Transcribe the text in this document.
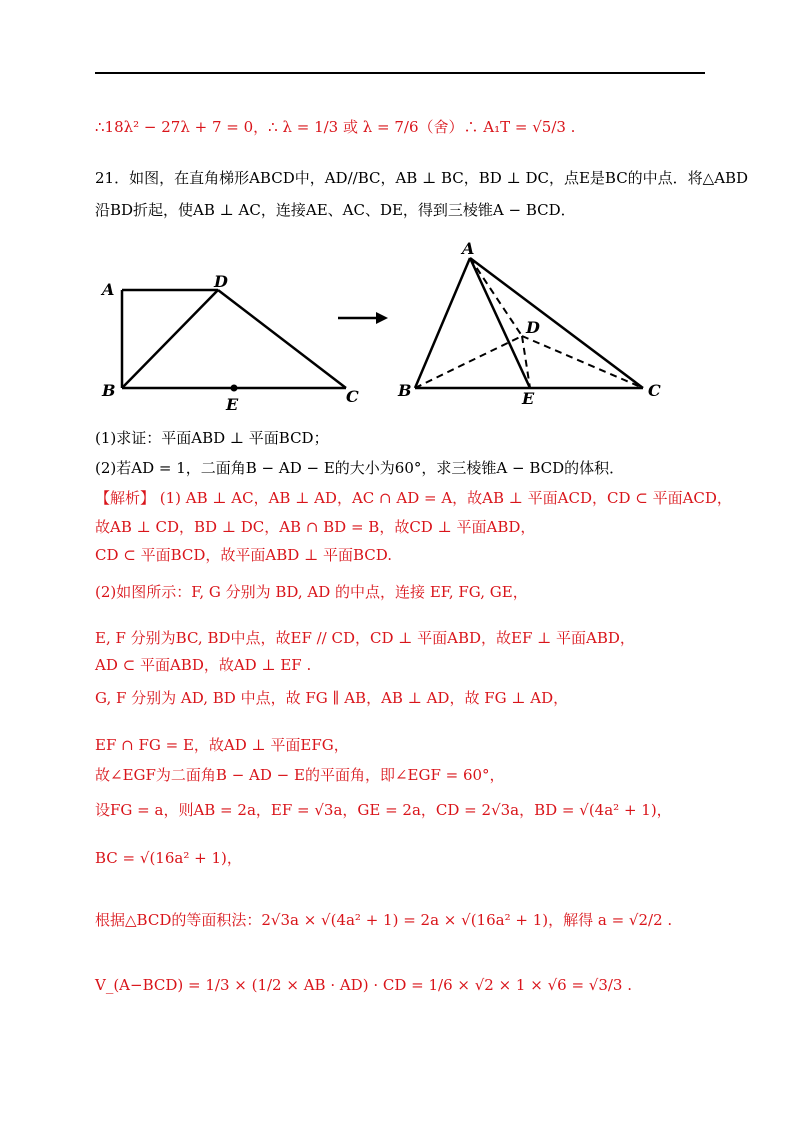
∴18λ² − 27λ + 7 = 0，∴ λ = 1/3 或 λ = 7/6（舍）∴ A₁T = √5/3 .
21．如图，在直角梯形ABCD中，AD//BC，AB ⊥ BC，BD ⊥ DC，点E是BC的中点．将△ABD
沿BD折起，使AB ⊥ AC，连接AE、AC、DE，得到三棱锥A − BCD．
A	D
B
E	C
A
D
B	E	C
(1)求证：平面ABD ⊥ 平面BCD；
(2)若AD = 1，二面角B − AD − E的大小为60°，求三棱锥A − BCD的体积．
【解析】 (1) AB ⊥ AC，AB ⊥ AD，AC ∩ AD = A，故AB ⊥ 平面ACD，CD ⊂ 平面ACD，
故AB ⊥ CD，BD ⊥ DC，AB ∩ BD = B，故CD ⊥ 平面ABD，
CD ⊂ 平面BCD，故平面ABD ⊥ 平面BCD.
(2)如图所示：F, G 分别为 BD, AD 的中点，连接 EF, FG, GE，
E, F 分别为BC, BD中点，故EF // CD，CD ⊥ 平面ABD，故EF ⊥ 平面ABD，
AD ⊂ 平面ABD，故AD ⊥ EF .
G, F 分别为 AD, BD 中点，故 FG ∥ AB，AB ⊥ AD，故 FG ⊥ AD，
EF ∩ FG = E，故AD ⊥ 平面EFG，
故∠EGF为二面角B − AD − E的平面角，即∠EGF = 60°，
设FG = a，则AB = 2a，EF = √3a，GE = 2a，CD = 2√3a，BD = √(4a² + 1)，
BC = √(16a² + 1)，
根据△BCD的等面积法：2√3a × √(4a² + 1) = 2a × √(16a² + 1)，解得 a = √2/2 .
V_(A−BCD) = 1/3 × (1/2 × AB · AD) · CD = 1/6 × √2 × 1 × √6 = √3/3 .
